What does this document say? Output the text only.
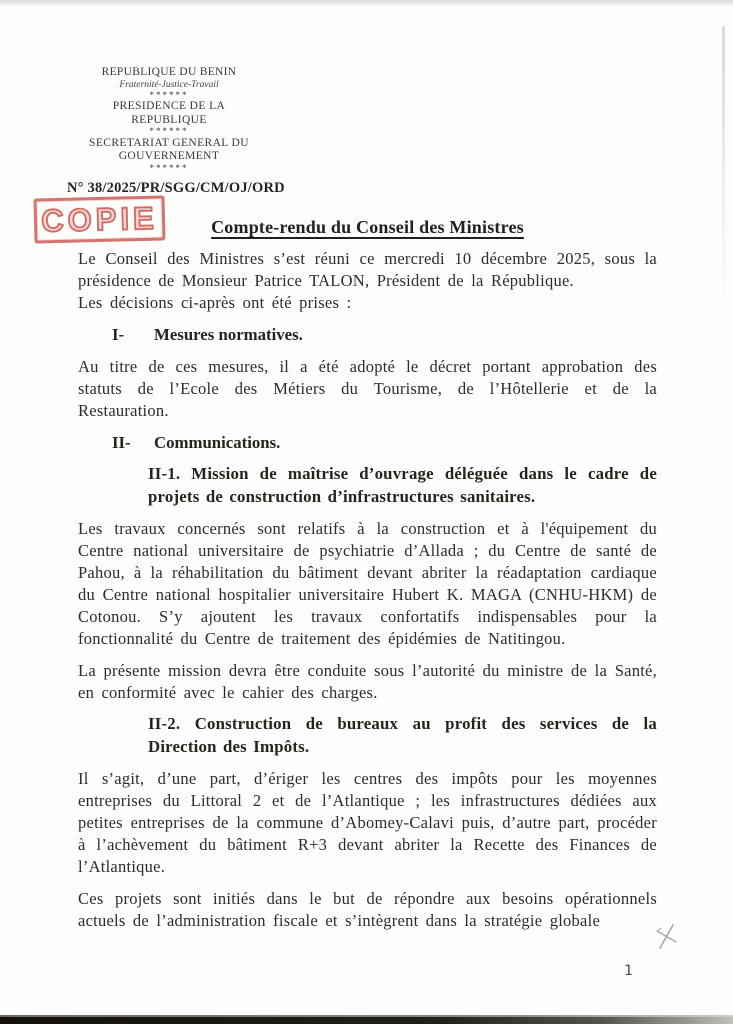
REPUBLIQUE DU BENIN
Fraternité-Justice-Travail
******
PRESIDENCE DE LA REPUBLIQUE
******
SECRETARIAT GENERAL DU
GOUVERNEMENT
******
N° 38/2025/PR/SGG/CM/OJ/ORD
COPIE	Compte-rendu du Conseil des Ministres

Le Conseil des Ministres s’est réuni ce mercredi 10 décembre 2025, sous la présidence de Monsieur Patrice TALON, Président de la République.

Les décisions ci-après ont été prises :

I-	Mesures normatives.

Au titre de ces mesures, il a été adopté le décret portant approbation des statuts de l’Ecole des Métiers du Tourisme, de l’Hôtellerie et de la Restauration.

II-	Communications.

II-1. Mission de maîtrise d’ouvrage déléguée dans le cadre de projets de construction d’infrastructures sanitaires.

Les travaux concernés sont relatifs à la construction et à l'équipement du Centre national universitaire de psychiatrie d’Allada ; du Centre de santé de Pahou, à la réhabilitation du bâtiment devant abriter la réadaptation cardiaque du Centre national hospitalier universitaire Hubert K. MAGA (CNHU-HKM) de Cotonou. S’y ajoutent les travaux confortatifs indispensables pour la fonctionnalité du Centre de traitement des épidémies de Natitingou.

La présente mission devra être conduite sous l’autorité du ministre de la Santé, en conformité avec le cahier des charges.

II-2. Construction de bureaux au profit des services de la Direction des Impôts.

Il s’agit, d’une part, d’ériger les centres des impôts pour les moyennes entreprises du Littoral 2 et de l’Atlantique ; les infrastructures dédiées aux petites entreprises de la commune d’Abomey-Calavi puis, d’autre part, procéder à l’achèvement du bâtiment R+3 devant abriter la Recette des Finances de l’Atlantique.

Ces projets sont initiés dans le but de répondre aux besoins opérationnels actuels de l’administration fiscale et s’intègrent dans la stratégie globale

1
